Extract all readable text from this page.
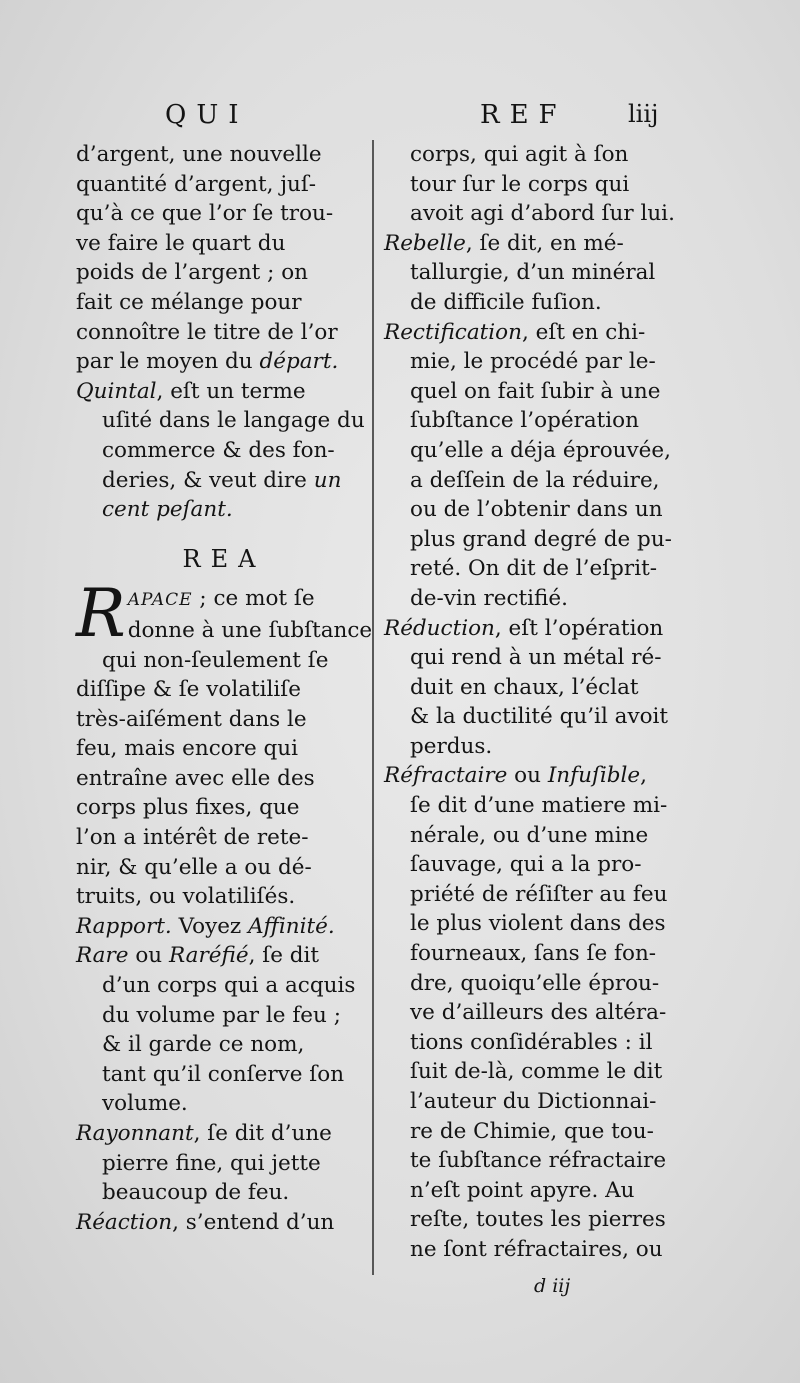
QUI	REF	liij
d’argent, une nouvelle
quantité d’argent, juſ-
qu’à ce que l’or ſe trou-
ve faire le quart du
poids de l’argent ; on
fait ce mélange pour
connoître le titre de l’or
par le moyen du départ.
Quintal, eſt un terme
uſité dans le langage du
commerce & des fon-
deries, & veut dire un
cent peſant.
REA
RAPACE ; ce mot ſe
donne à une ſubſtance
qui non-ſeulement ſe
diſſipe & ſe volatiliſe
très-aiſément dans le
feu, mais encore qui
entraîne avec elle des
corps plus fixes, que
l’on a intérêt de rete-
nir, & qu’elle a ou dé-
truits, ou volatiliſés.
Rapport. Voyez Affinité.
Rare ou Raréfié, ſe dit
d’un corps qui a acquis
du volume par le feu ;
& il garde ce nom,
tant qu’il conſerve ſon
volume.
Rayonnant, ſe dit d’une
pierre fine, qui jette
beaucoup de feu.
Réaction, s’entend d’un
corps, qui agit à ſon
tour ſur le corps qui
avoit agi d’abord ſur lui.
Rebelle, ſe dit, en mé-
tallurgie, d’un minéral
de difficile fuſion.
Rectification, eſt en chi-
mie, le procédé par le-
quel on fait ſubir à une
ſubſtance l’opération
qu’elle a déja éprouvée,
a deſſein de la réduire,
ou de l’obtenir dans un
plus grand degré de pu-
reté. On dit de l’eſprit-
de-vin rectifié.
Réduction, eſt l’opération
qui rend à un métal ré-
duit en chaux, l’éclat
& la ductilité qu’il avoit
perdus.
Réfractaire ou Infuſible,
ſe dit d’une matiere mi-
nérale, ou d’une mine
ſauvage, qui a la pro-
priété de réſiſter au feu
le plus violent dans des
fourneaux, ſans ſe fon-
dre, quoiqu’elle éprou-
ve d’ailleurs des altéra-
tions conſidérables : il
ſuit de-là, comme le dit
l’auteur du Dictionnai-
re de Chimie, que tou-
te ſubſtance réfractaire
n’eſt point apyre. Au
reſte, toutes les pierres
ne ſont réfractaires, ou
d iij
